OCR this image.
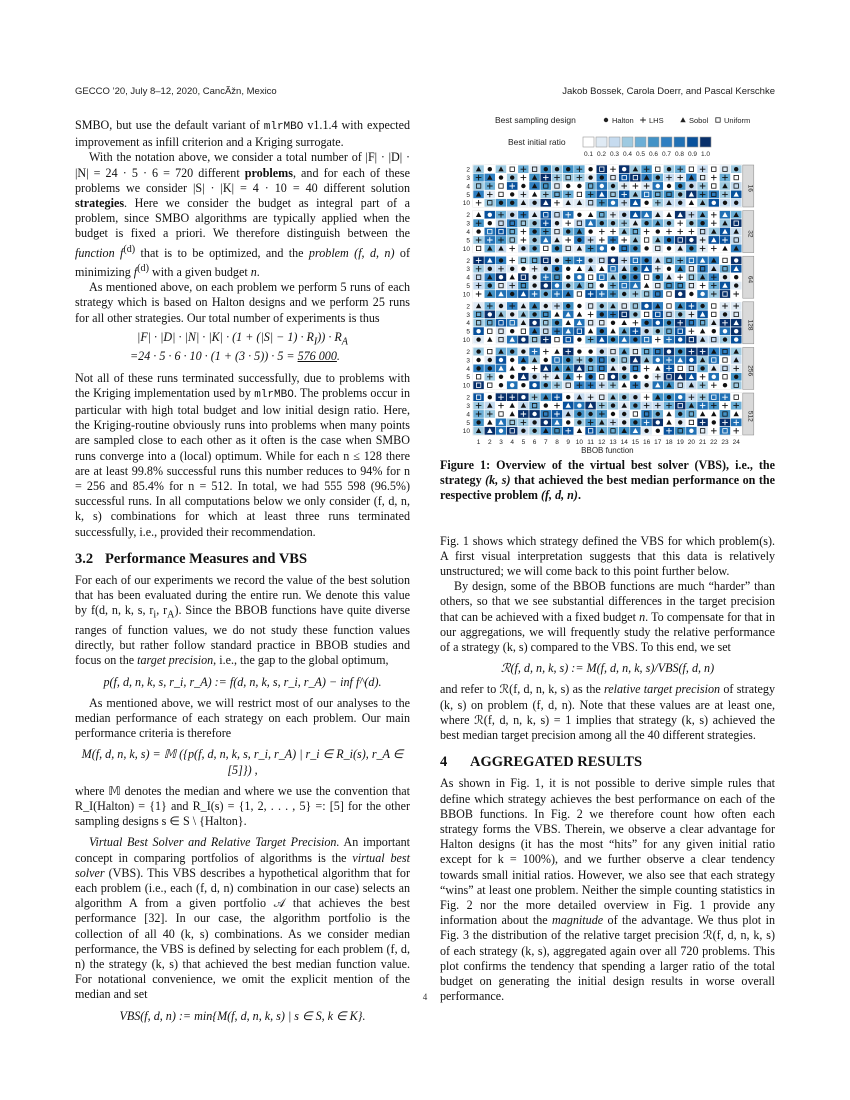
GECCO ’20, July 8–12, 2020, CancÃžn, Mexico	Jakob Bossek, Carola Doerr, and Pascal Kerschke

SMBO, but use the default variant of mlrMBO v1.1.4 with expected improvement as infill criterion and a Kriging surrogate.

With the notation above, we consider a total number of |F| · |D| · |N| = 24 · 5 · 6 = 720 different problems, and for each of these problems we consider |S| · |K| = 4 · 10 = 40 different solution strategies. Here we consider the budget as integral part of a problem, since SMBO algorithms are typically applied when the budget is fixed a priori. We therefore distinguish between the function $f^{(d)}$ that is to be optimized, and the problem (f, d, n) of minimizing $f^{(d)}$ with a given budget n.

As mentioned above, on each problem we perform 5 runs of each strategy which is based on Halton designs and we perform 25 runs for all other strategies. Our total number of experiments is thus

$|F| \cdot |D| \cdot |N| \cdot |K| \cdot (1 + (|S| - 1) \cdot R_I)) \cdot R_A$
=24 · 5 · 6 · 10 · (1 + (3 · 5)) · 5 = 576 000.

Not all of these runs terminated successfully, due to problems with the Kriging implementation used by mlrMBO. The problems occur in particular with high total budget and low initial design ratio. Here, the Kriging-routine obviously runs into problems when many points are sampled close to each other as it often is the case when SMBO runs converge into a (local) optimum. While for each n ≤ 128 there are at least 99.8% successful runs this number reduces to 94% for n = 256 and 85.4% for n = 512. In total, we had 555 598 (96.5%) successful runs. In all computations below we only consider (f, d, n, k, s) combinations for which at least three runs terminated successfully, i.e., provided their recommendation.

3.2 Performance Measures and VBS

For each of our experiments we record the value of the best solution that has been evaluated during the entire run. We denote this value by f(d, n, k, s, $r_i$, $r_A$). Since the BBOB functions have quite diverse ranges of function values, we do not study these function values directly, but rather follow standard practice in BBOB studies and focus on the target precision, i.e., the gap to the global optimum,

p(f, d, n, k, s, r_i, r_A) := f(d, n, k, s, r_i, r_A) − inf f^(d).

As mentioned above, we will restrict most of our analyses to the median performance of each strategy on each problem. Our main performance criteria is therefore

M(f, d, n, k, s) = 𝕄 ({p(f, d, n, k, s, r_i, r_A) | r_i ∈ R_i(s), r_A ∈ [5]}) ,

where 𝕄 denotes the median and where we use the convention that R_I(Halton) = {1} and R_I(s) = {1, 2, . . . , 5} =: [5] for the other sampling designs s ∈ S \ {Halton}.

Virtual Best Solver and Relative Target Precision. An important concept in comparing portfolios of algorithms is the virtual best solver (VBS). This VBS describes a hypothetical algorithm that for each problem (i.e., each (f, d, n) combination in our case) selects an algorithm A from a given portfolio 𝒜 that achieves the best performance [32]. In our case, the algorithm portfolio is the collection of all 40 (k, s) combinations. As we consider median performance, the VBS is defined by selecting for each problem (f, d, n) the strategy (k, s) that achieved the best median function value. For notational convenience, we omit the explicit mention of the median and set

VBS(f, d, n) := min{M(f, d, n, k, s) | s ∈ S, k ∈ K}.
Best sampling design	Halton LHS	Sobol Uniform
Best initial ratio
0.1 0.2 0.3 0.4 0.5 0.6 0.7 0.8 0.9 1.0
2
3
4
5
10
16
2
3
4
5
10
32
2
3
4
5
10
64
2
3
4
5
10
128
2
3
4
5
10
256
2
3
4
5
10
512
1 2 3 4 5 6 7 8 9 10 11 12 13 14 15 16 17 18 19 20 21 22 23 24
BBOB function
Figure 1: Overview of the virtual best solver (VBS), i.e., the strategy (k, s) that achieved the best median performance on the respective problem (f, d, n).

Fig. 1 shows which strategy defined the VBS for which problem(s). A first visual interpretation suggests that this data is relatively unstructured; we will come back to this point further below.

By design, some of the BBOB functions are much “harder” than others, so that we see substantial differences in the target precision that can be achieved with a fixed budget n. To compensate for that in our aggregations, we will frequently study the relative performance of a strategy (k, s) compared to the VBS. To this end, we set

ℛ(f, d, n, k, s) := M(f, d, n, k, s)/VBS(f, d, n)

and refer to ℛ(f, d, n, k, s) as the relative target precision of strategy (k, s) on problem (f, d, n). Note that these values are at least one, where ℛ(f, d, n, k, s) = 1 implies that strategy (k, s) achieved the best median target precision among all the 40 different strategies.

4 AGGREGATED RESULTS

As shown in Fig. 1, it is not possible to derive simple rules that define which strategy achieves the best performance on each of the BBOB functions. In Fig. 2 we therefore count how often each strategy forms the VBS. Therein, we observe a clear advantage for Halton designs (it has the most “hits” for any given initial ratio except for k = 100%), and we further observe a clear tendency towards small initial ratios. However, we also see that each strategy “wins” at least one problem. Neither the simple counting statistics in Fig. 2 nor the more detailed overview in Fig. 1 provide any information about the magnitude of the advantage. We thus plot in Fig. 3 the distribution of the relative target precision ℛ(f, d, n, k, s) of each strategy (k, s), aggregated again over all 720 problems. This plot confirms the tendency that spending a larger ratio of the total budget on generating the initial design results in worse overall performance.

4
